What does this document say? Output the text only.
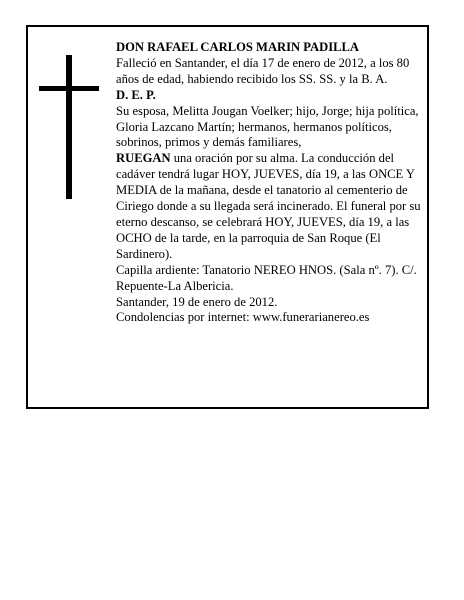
DON RAFAEL CARLOS MARIN PADILLA

Falleció en Santander, el día 17 de enero de 2012, a los 80 años de edad, habiendo recibido los SS. SS. y la B. A.

D. E. P.

Su esposa, Melitta Jougan Voelker; hijo, Jorge; hija política, Gloria Lazcano Martín; hermanos, hermanos políticos, sobrinos, primos y demás familiares,

RUEGAN una oración por su alma. La conducción del cadáver tendrá lugar HOY, JUEVES, día 19, a las ONCE Y MEDIA de la mañana, desde el tanatorio al cementerio de Ciriego donde a su llegada será incinerado. El funeral por su eterno descanso, se celebrará HOY, JUEVES, día 19, a las OCHO de la tarde, en la parroquia de San Roque (El Sardinero).

Capilla ardiente: Tanatorio NEREO HNOS. (Sala nº. 7). C/. Repuente-La Albericia.

Santander, 19 de enero de 2012.

Condolencias por internet: www.funerarianereo.es
